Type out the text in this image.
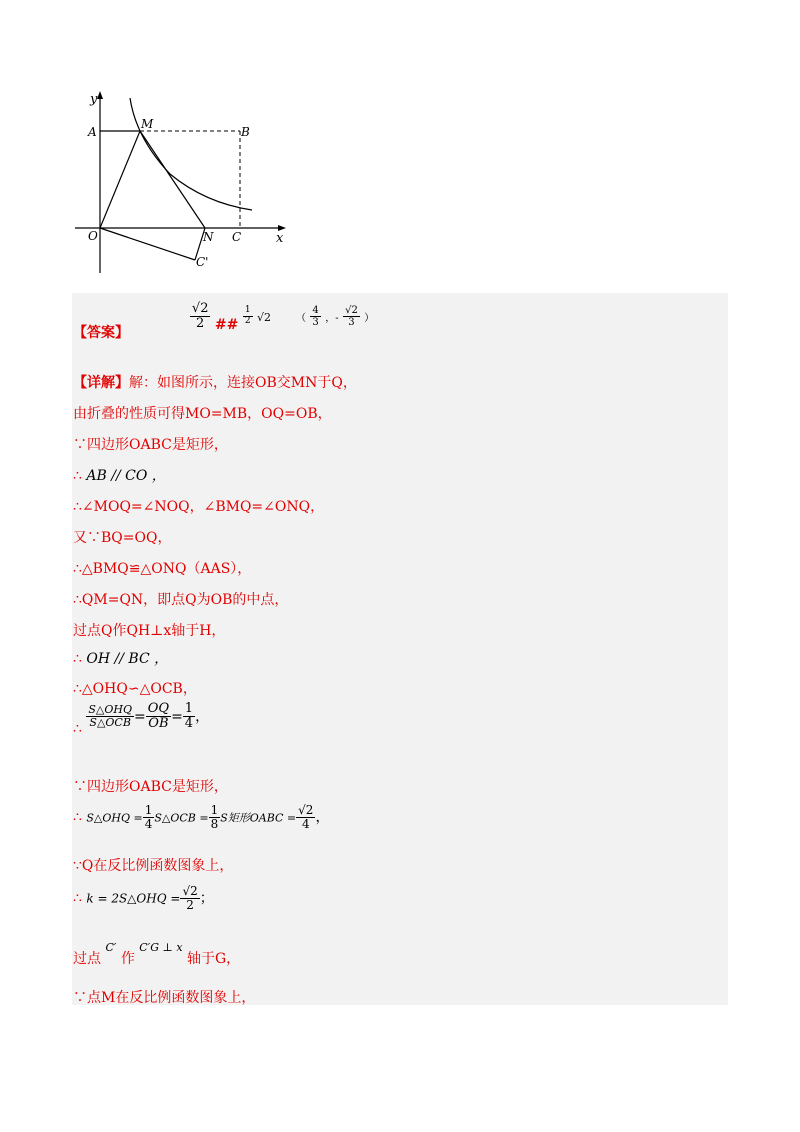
y
x
A
M
B
O	N C
C'
【答案】
$\frac{√2}{2}$ ## $\frac{1}{2} √2$ （ $\frac{4}{3}$ ，- $\frac{√2}{3}$ ）
【详解】解：如图所示，连接OB交MN于Q，
由折叠的性质可得MO=MB，OQ=OB，
∵四边形OABC是矩形，
∴ AB // CO ，
∴∠MOQ=∠NOQ，∠BMQ=∠ONQ，
又∵BQ=OQ，
∴△BMQ≌△ONQ（AAS），
∴QM=QN，即点Q为OB的中点，
过点Q作QH⊥x轴于H，
∴ OH // BC ，
∴△OHQ∽△OCB，
∴ $\frac{\text{S△OHQ}}{\text{S△OCB}} = \frac{OQ}{OB} = \frac{1}{4}$ ，
∵四边形OABC是矩形，
∴ S△OHQ = $\frac{1}{4}$ S△OCB = $\frac{1}{8}$ S矩形OABC = $\frac{√2}{4}$ ，
∵Q在反比例函数图象上，
∴ k = 2S△OHQ = $\frac{√2}{2}$ ；
过点 $^{C'}$ 作 $^{C'G \perp x}$ 轴于G，
∵点M在反比例函数图象上，
